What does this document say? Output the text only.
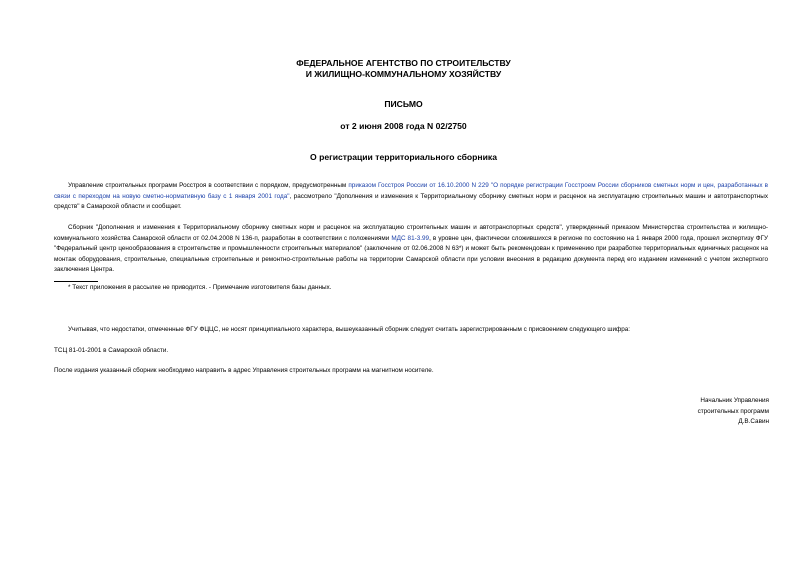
ФЕДЕРАЛЬНОЕ АГЕНТСТВО ПО СТРОИТЕЛЬСТВУ
И ЖИЛИЩНО-КОММУНАЛЬНОМУ ХОЗЯЙСТВУ
ПИСЬМО
от 2 июня 2008 года N 02/2750
О регистрации территориального сборника
Управление строительных программ Росстроя в соответствии с порядком, предусмотренным приказом Госстроя России от 16.10.2000 N 229 "О порядке регистрации Госстроем России сборников сметных норм и цен, разработанных в связи с переходом на новую сметно-нормативную базу с 1 января 2001 года", рассмотрело "Дополнения и изменения к Территориальному сборнику сметных норм и расценок на эксплуатацию строительных машин и автотранспортных средств" в Самарской области и сообщает.
Сборник "Дополнения и изменения к Территориальному сборнику сметных норм и расценок на эксплуатацию строительных машин и автотранспортных средств", утвержденный приказом Министерства строительства и жилищно-коммунального хозяйства Самарской области от 02.04.2008 N 136-п, разработан в соответствии с положениями МДС 81-3.99, в уровне цен, фактически сложившихся в регионе по состоянию на 1 января 2000 года, прошел экспертизу ФГУ "Федеральный центр ценообразования в строительстве и промышленности строительных материалов" (заключение от 02.06.2008 N 63*) и может быть рекомендован к применению при разработке территориальных единичных расценок на монтаж оборудования, строительные, специальные строительные и ремонтно-строительные работы на территории Самарской области при условии внесения в редакцию документа перед его изданием изменений с учетом экспертного заключения Центра.
* Текст приложения в рассылке не приводится. - Примечание изготовителя базы данных.
Учитывая, что недостатки, отмеченные ФГУ ФЦЦС, не носят принципиального характера, вышеуказанный сборник следует считать зарегистрированным с присвоением следующего шифра:
ТСЦ 81-01-2001 в Самарской области.
После издания указанный сборник необходимо направить в адрес Управления строительных программ на магнитном носителе.
Начальник Управления
строительных программ
Д.В.Савин
